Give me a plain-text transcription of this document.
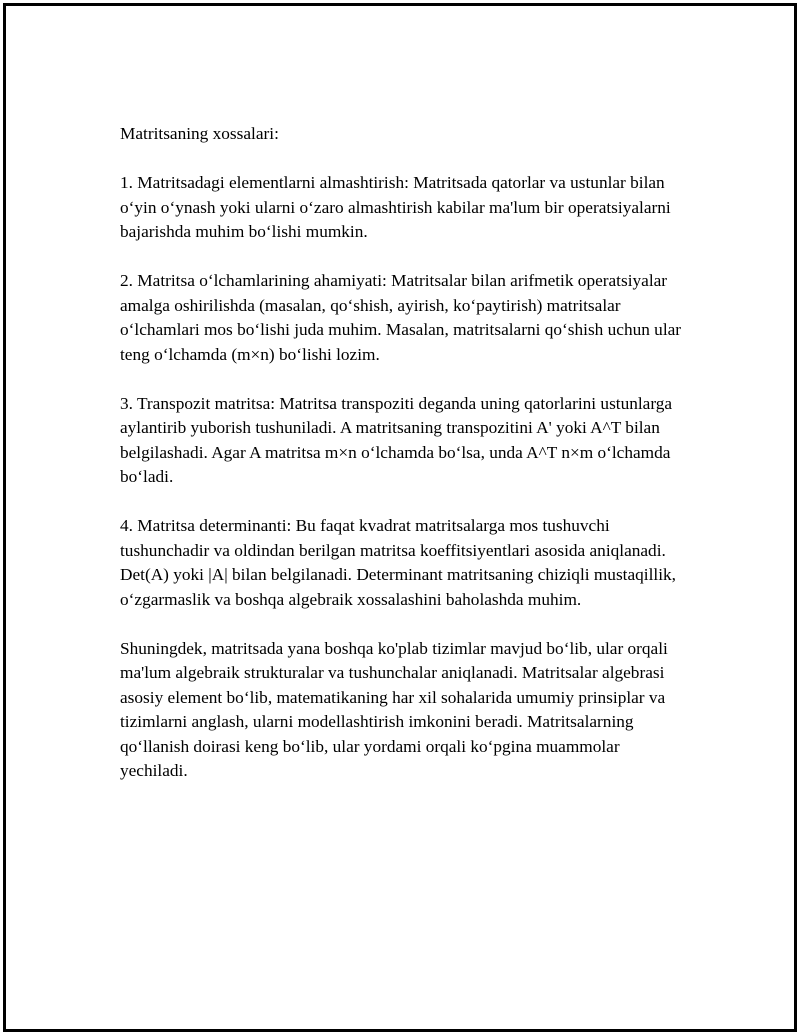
Matritsaning xossalari:

1. Matritsadagi elementlarni almashtirish: Matritsada qatorlar va ustunlar bilan oʻyin oʻynash yoki ularni oʻzaro almashtirish kabilar ma'lum bir operatsiyalarni bajarishda muhim boʻlishi mumkin.

2. Matritsa oʻlchamlarining ahamiyati: Matritsalar bilan arifmetik operatsiyalar amalga oshirilishda (masalan, qoʻshish, ayirish, koʻpaytirish) matritsalar oʻlchamlari mos boʻlishi juda muhim. Masalan, matritsalarni qoʻshish uchun ular teng oʻlchamda (m×n) boʻlishi lozim.

3. Transpozit matritsa: Matritsa transpoziti deganda uning qatorlarini ustunlarga aylantirib yuborish tushuniladi. A matritsaning transpozitini A' yoki A^T bilan belgilashadi. Agar A matritsa m×n oʻlchamda boʻlsa, unda A^T n×m oʻlchamda boʻladi.

4. Matritsa determinanti: Bu faqat kvadrat matritsalarga mos tushuvchi tushunchadir va oldindan berilgan matritsa koeffitsiyentlari asosida aniqlanadi. Det(A) yoki |A| bilan belgilanadi. Determinant matritsaning chiziqli mustaqillik, oʻzgarmaslik va boshqa algebraik xossalashini baholashda muhim.

Shuningdek, matritsada yana boshqa ko'plab tizimlar mavjud boʻlib, ular orqali ma'lum algebraik strukturalar va tushunchalar aniqlanadi. Matritsalar algebrasi asosiy element boʻlib, matematikaning har xil sohalarida umumiy prinsiplar va tizimlarni anglash, ularni modellashtirish imkonini beradi. Matritsalarning qoʻllanish doirasi keng boʻlib, ular yordami orqali koʻpgina muammolar yechiladi.
